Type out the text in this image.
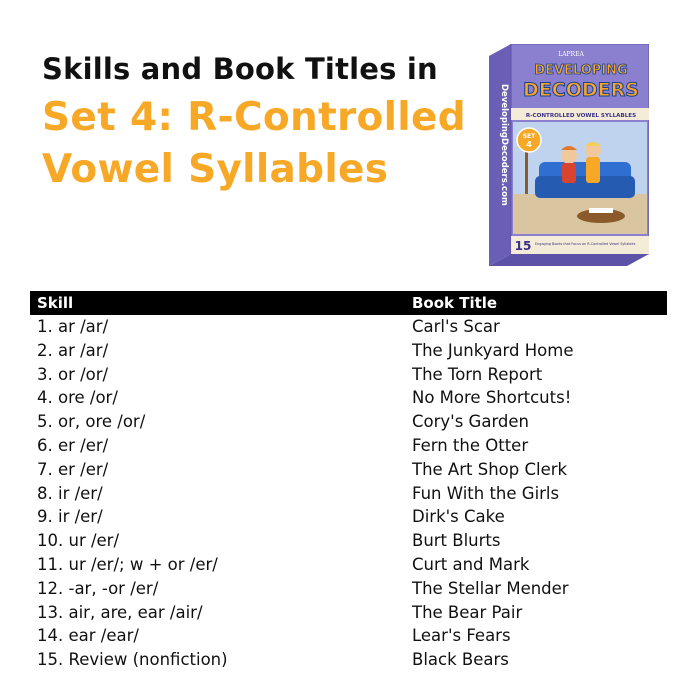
Skills and Book Titles in
Set 4: R-Controlled
Vowel Syllables	DevelopingDecoders.com
LAPREA
DEVELOPING
DECODERS
R-CONTROLLED VOWEL SYLLABLES
SET
4
15 Engaging Books that Focus on R-Controlled Vowel Syllables
Skill	Book Title
1. ar /ar/	Carl's Scar
2. ar /ar/	The Junkyard Home
3. or /or/	The Torn Report
4. ore /or/	No More Shortcuts!
5. or, ore /or/	Cory's Garden
6. er /er/	Fern the Otter
7. er /er/	The Art Shop Clerk
8. ir /er/	Fun With the Girls
9. ir /er/	Dirk's Cake
10. ur /er/	Burt Blurts
11. ur /er/; w + or /er/	Curt and Mark
12. -ar, -or /er/	The Stellar Mender
13. air, are, ear /air/	The Bear Pair
14. ear /ear/	Lear's Fears
15. Review (nonfiction)	Black Bears
